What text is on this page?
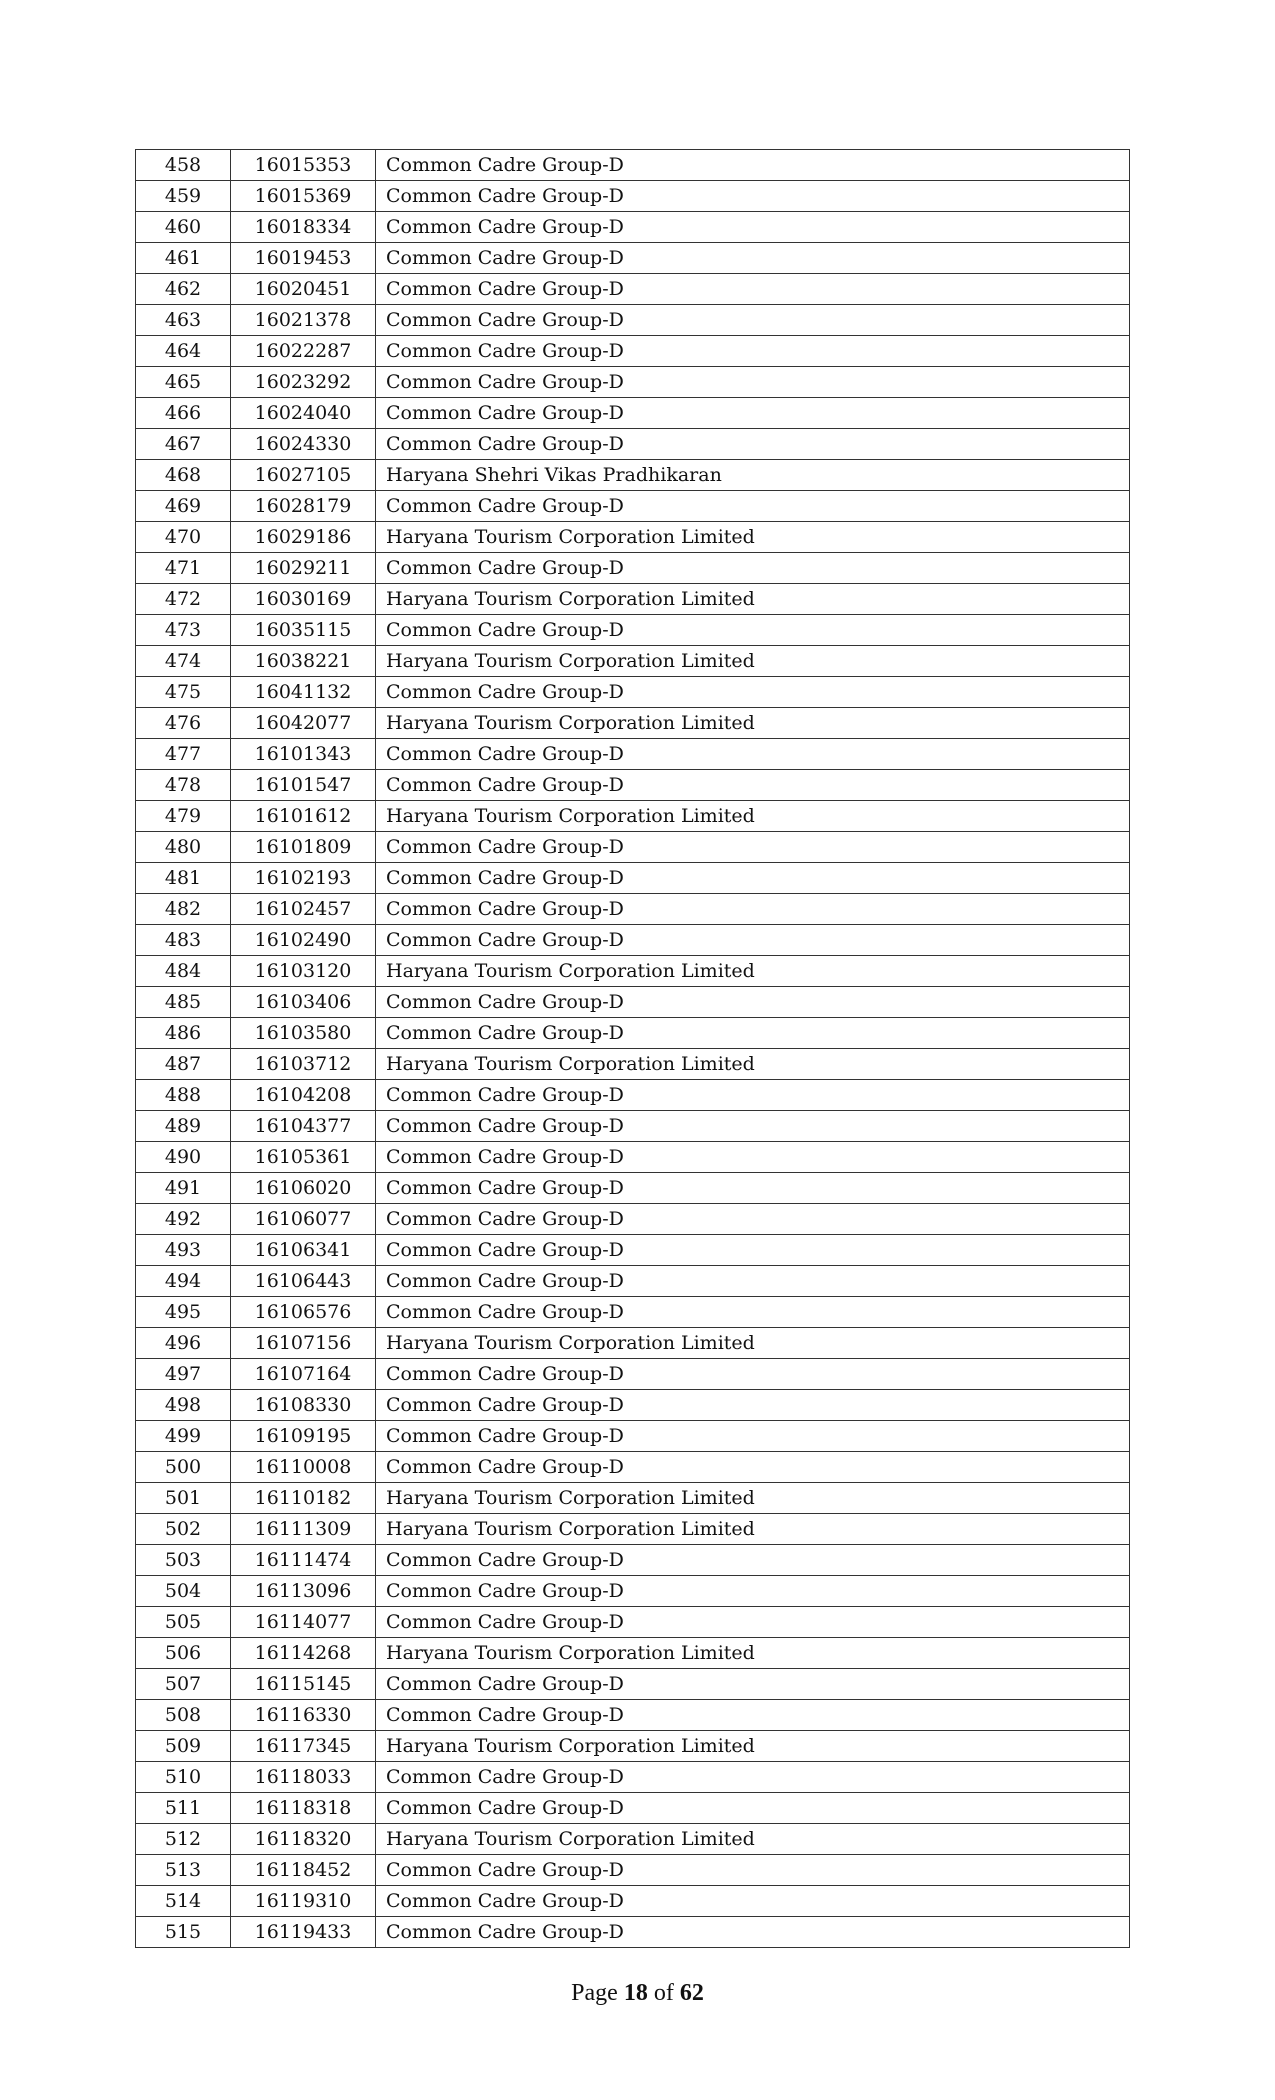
458	16015353	Common Cadre Group-D
459	16015369	Common Cadre Group-D
460	16018334	Common Cadre Group-D
461	16019453	Common Cadre Group-D
462	16020451	Common Cadre Group-D
463	16021378	Common Cadre Group-D
464	16022287	Common Cadre Group-D
465	16023292	Common Cadre Group-D
466	16024040	Common Cadre Group-D
467	16024330	Common Cadre Group-D
468	16027105	Haryana Shehri Vikas Pradhikaran
469	16028179	Common Cadre Group-D
470	16029186	Haryana Tourism Corporation Limited
471	16029211	Common Cadre Group-D
472	16030169	Haryana Tourism Corporation Limited
473	16035115	Common Cadre Group-D
474	16038221	Haryana Tourism Corporation Limited
475	16041132	Common Cadre Group-D
476	16042077	Haryana Tourism Corporation Limited
477	16101343	Common Cadre Group-D
478	16101547	Common Cadre Group-D
479	16101612	Haryana Tourism Corporation Limited
480	16101809	Common Cadre Group-D
481	16102193	Common Cadre Group-D
482	16102457	Common Cadre Group-D
483	16102490	Common Cadre Group-D
484	16103120	Haryana Tourism Corporation Limited
485	16103406	Common Cadre Group-D
486	16103580	Common Cadre Group-D
487	16103712	Haryana Tourism Corporation Limited
488	16104208	Common Cadre Group-D
489	16104377	Common Cadre Group-D
490	16105361	Common Cadre Group-D
491	16106020	Common Cadre Group-D
492	16106077	Common Cadre Group-D
493	16106341	Common Cadre Group-D
494	16106443	Common Cadre Group-D
495	16106576	Common Cadre Group-D
496	16107156	Haryana Tourism Corporation Limited
497	16107164	Common Cadre Group-D
498	16108330	Common Cadre Group-D
499	16109195	Common Cadre Group-D
500	16110008	Common Cadre Group-D
501	16110182	Haryana Tourism Corporation Limited
502	16111309	Haryana Tourism Corporation Limited
503	16111474	Common Cadre Group-D
504	16113096	Common Cadre Group-D
505	16114077	Common Cadre Group-D
506	16114268	Haryana Tourism Corporation Limited
507	16115145	Common Cadre Group-D
508	16116330	Common Cadre Group-D
509	16117345	Haryana Tourism Corporation Limited
510	16118033	Common Cadre Group-D
511	16118318	Common Cadre Group-D
512	16118320	Haryana Tourism Corporation Limited
513	16118452	Common Cadre Group-D
514	16119310	Common Cadre Group-D
515	16119433	Common Cadre Group-D
Page 18 of 62
